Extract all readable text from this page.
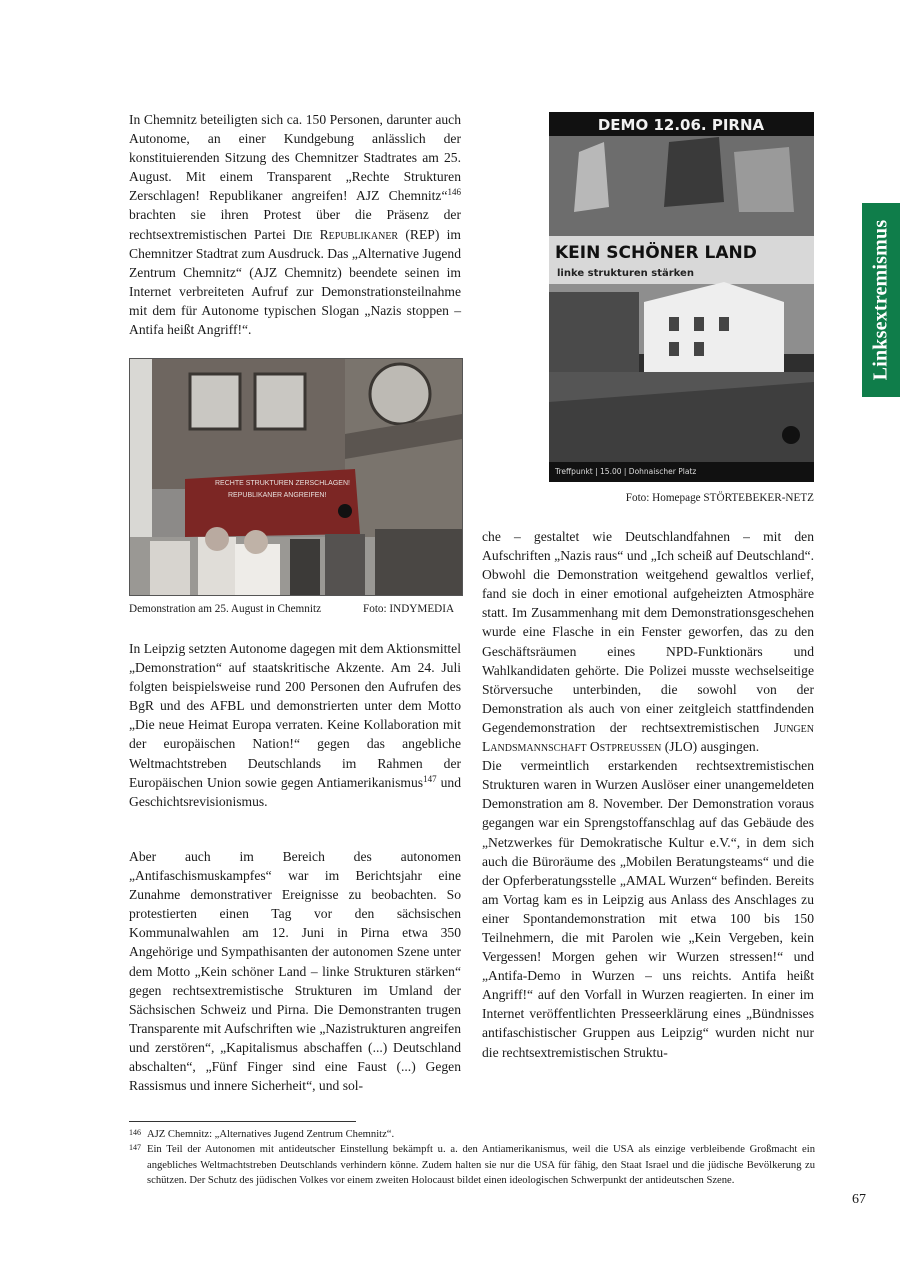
In Chemnitz beteiligten sich ca. 150 Personen, darunter auch Autonome, an einer Kundgebung anlässlich der konstituierenden Sitzung des Chemnitzer Stadtrates am 25. August. Mit einem Transparent „Rechte Strukturen Zerschlagen! Republikaner angreifen! AJZ Chemnitz“$^{146}$ brachten sie ihren Protest über die Präsenz der rechtsextremistischen Partei Die Republikaner (REP) im Chemnitzer Stadtrat zum Ausdruck. Das „Alternative Jugend Zentrum Chemnitz“ (AJZ Chemnitz) beendete seinen im Internet verbreiteten Aufruf zur Demonstrationsteilnahme mit dem für Autonome typischen Slogan „Nazis stoppen – Antifa heißt Angriff!“.

RECHTE STRUKTUREN ZERSCHLAGEN!
REPUBLIKANER ANGREIFEN!
Demonstration am 25. August in Chemnitz	Foto: INDYMEDIA

In Leipzig setzten Autonome dagegen mit dem Aktionsmittel „Demonstration“ auf staatskritische Akzente. Am 24. Juli folgten beispielsweise rund 200 Personen den Aufrufen des BgR und des AFBL und demonstrierten unter dem Motto „Die neue Heimat Europa verraten. Keine Kollaboration mit der europäischen Nation!“ gegen das angebliche Weltmachtstreben Deutschlands im Rahmen der Europäischen Union sowie gegen Antiamerikanismus$^{147}$ und Geschichtsrevisionismus.

Aber auch im Bereich des autonomen „Antifaschismuskampfes“ war im Berichtsjahr eine Zunahme demonstrativer Ereignisse zu beobachten. So protestierten einen Tag vor den sächsischen Kommunalwahlen am 12. Juni in Pirna etwa 350 Angehörige und Sympathisanten der autonomen Szene unter dem Motto „Kein schöner Land – linke Strukturen stärken“ gegen rechtsextremistische Strukturen im Umland der Sächsischen Schweiz und Pirna. Die Demonstranten trugen Transparente mit Aufschriften wie „Nazistrukturen angreifen und zerstören“, „Kapitalismus abschaffen (...) Deutschland abschalten“, „Fünf Finger sind eine Faust (...) Gegen Rassismus und innere Sicherheit“, und sol-

DEMO 12.06. PIRNA
KEIN SCHÖNER LAND
linke strukturen stärken
Treffpunkt | 15.00 | Dohnaischer Platz
Foto: Homepage STÖRTEBEKER-NETZ
Linksextremismus

che – gestaltet wie Deutschlandfahnen – mit den Aufschriften „Nazis raus“ und „Ich scheiß auf Deutschland“. Obwohl die Demonstration weitgehend gewaltlos verlief, fand sie doch in einer emotional aufgeheizten Atmosphäre statt. Im Zusammenhang mit dem Demonstrationsgeschehen wurde eine Flasche in ein Fenster geworfen, das zu den Geschäftsräumen eines NPD-Funktionärs und Wahlkandidaten gehörte. Die Polizei musste wechselseitige Störversuche unterbinden, die sowohl von der Demonstration als auch von einer zeitgleich stattfindenden Gegendemonstration der rechtsextremistischen Jungen Landsmannschaft Ostpreußen (JLO) ausgingen.

Die vermeintlich erstarkenden rechtsextremistischen Strukturen waren in Wurzen Auslöser einer unangemeldeten Demonstration am 8. November. Der Demonstration voraus gegangen war ein Sprengstoffanschlag auf das Gebäude des „Netzwerkes für Demokratische Kultur e.V.“, in dem sich auch die Büroräume des „Mobilen Beratungsteams“ und die der Opferberatungsstelle „AMAL Wurzen“ befinden. Bereits am Vortag kam es in Leipzig aus Anlass des Anschlages zu einer Spontandemonstration mit etwa 100 bis 150 Teilnehmern, die mit Parolen wie „Kein Vergeben, kein Vergessen! Morgen gehen wir Wurzen stressen!“ und „Antifa-Demo in Wurzen – uns reichts. Antifa heißt Angriff!“ auf den Vorfall in Wurzen reagierten. In einer im Internet veröffentlichten Presseerklärung eines „Bündnisses antifaschistischer Gruppen aus Leipzig“ wurden nicht nur die rechtsextremistischen Struktu-

146 AJZ Chemnitz: „Alternatives Jugend Zentrum Chemnitz“.
147 Ein Teil der Autonomen mit antideutscher Einstellung bekämpft u. a. den Antiamerikanismus, weil die USA als einzige verbleibende Großmacht ein angebliches Weltmachtstreben Deutschlands verhindern könne. Zudem halten sie nur die USA für fähig, den Staat Israel und die jüdische Bevölkerung zu schützen. Der Schutz des jüdischen Volkes vor einem zweiten Holocaust bildet einen ideologischen Schwerpunkt der antideutschen Szene.
67
